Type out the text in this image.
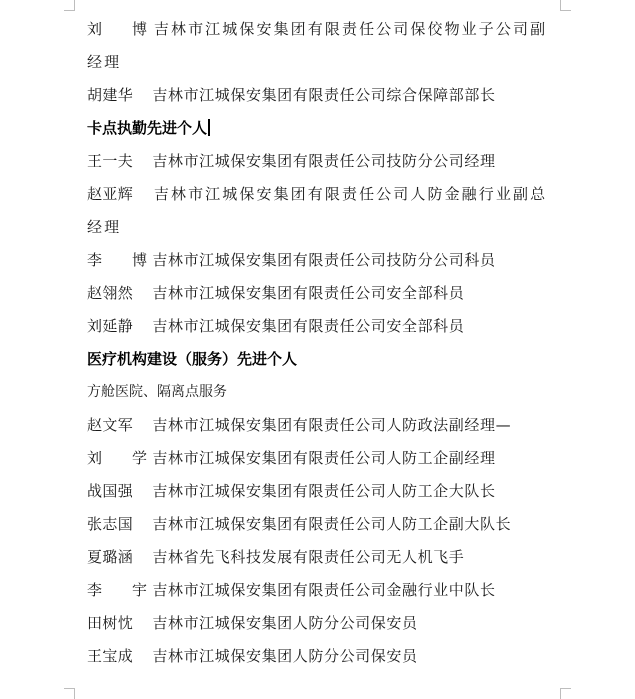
刘 博 吉林市江城保安集团有限责任公司保佼物业子公司副经理
胡建华 吉林市江城保安集团有限责任公司综合保障部部长
卡点执勤先进个人
王一夫 吉林市江城保安集团有限责任公司技防分公司经理
赵亚辉 吉林市江城保安集团有限责任公司人防金融行业副总经理
李 博 吉林市江城保安集团有限责任公司技防分公司科员
赵翎然 吉林市江城保安集团有限责任公司安全部科员
刘延静 吉林市江城保安集团有限责任公司安全部科员
医疗机构建设（服务）先进个人
方舱医院、隔离点服务
赵文军 吉林市江城保安集团有限责任公司人防政法副经理—
刘 学 吉林市江城保安集团有限责任公司人防工企副经理
战国强 吉林市江城保安集团有限责任公司人防工企大队长
张志国 吉林市江城保安集团有限责任公司人防工企副大队长
夏璐涵 吉林省先飞科技发展有限责任公司无人机飞手
李 宇 吉林市江城保安集团有限责任公司金融行业中队长
田树忱 吉林市江城保安集团人防分公司保安员
王宝成 吉林市江城保安集团人防分公司保安员
